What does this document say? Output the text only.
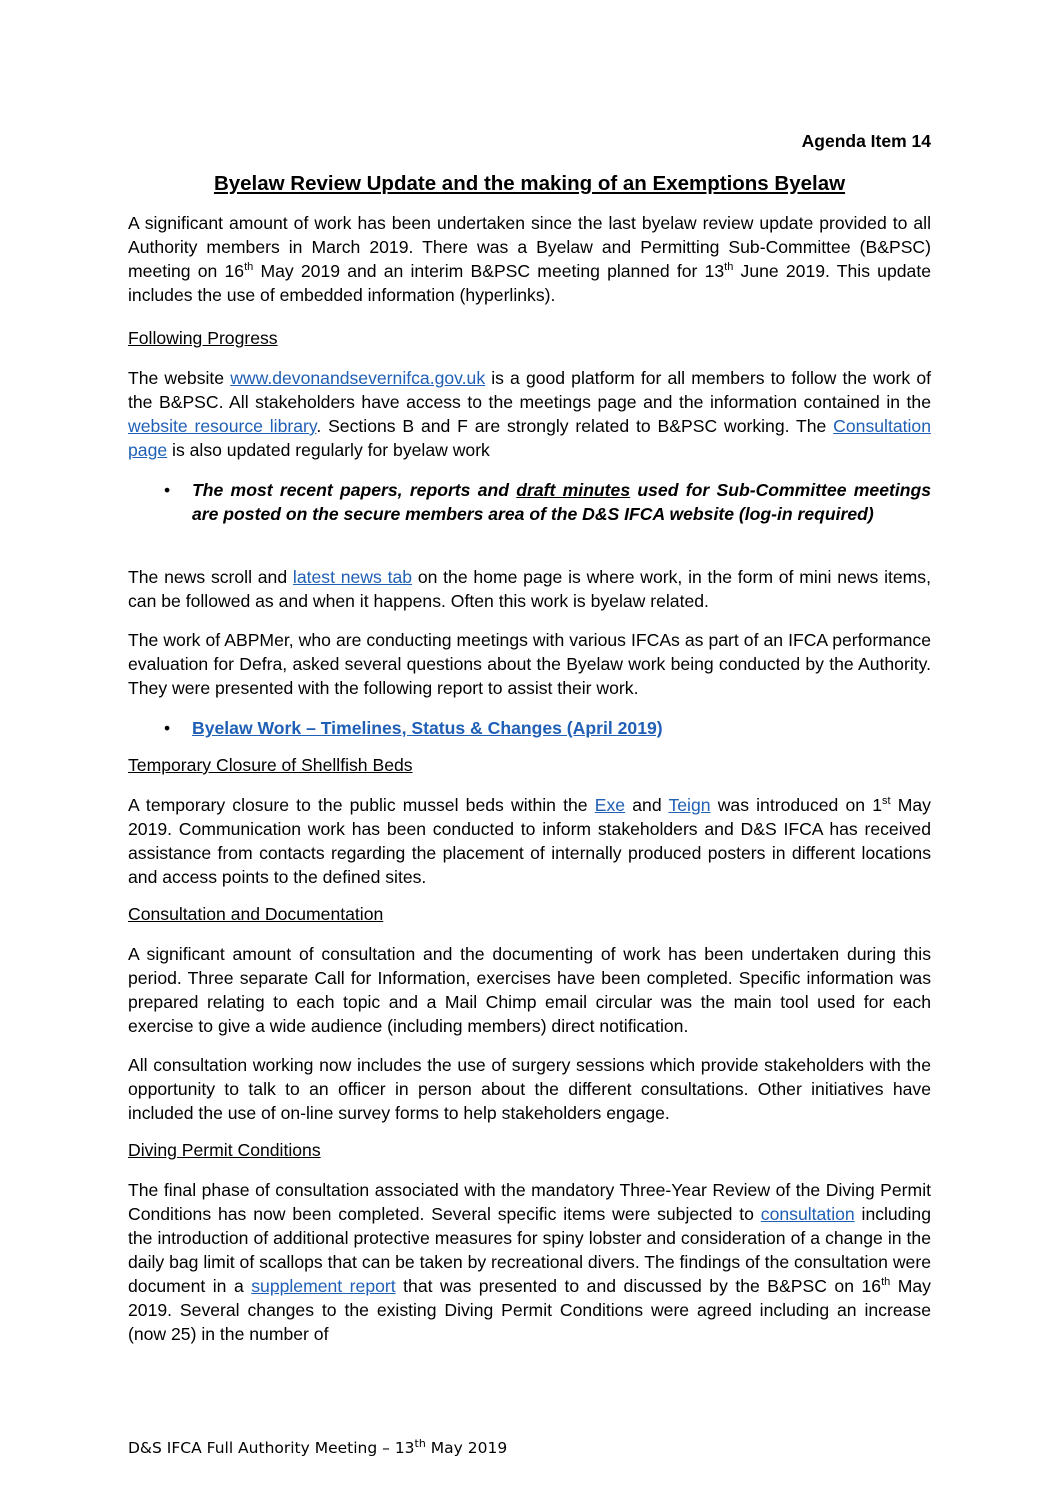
Agenda Item 14
Byelaw Review Update and the making of an Exemptions Byelaw
A significant amount of work has been undertaken since the last byelaw review update provided to all Authority members in March 2019. There was a Byelaw and Permitting Sub-Committee (B&PSC) meeting on 16th May 2019 and an interim B&PSC meeting planned for 13th June 2019. This update includes the use of embedded information (hyperlinks).
Following Progress
The website www.devonandsevernifca.gov.uk is a good platform for all members to follow the work of the B&PSC. All stakeholders have access to the meetings page and the information contained in the website resource library. Sections B and F are strongly related to B&PSC working. The Consultation page is also updated regularly for byelaw work
• The most recent papers, reports and draft minutes used for Sub-Committee meetings are posted on the secure members area of the D&S IFCA website (log-in required)
The news scroll and latest news tab on the home page is where work, in the form of mini news items, can be followed as and when it happens. Often this work is byelaw related.
The work of ABPMer, who are conducting meetings with various IFCAs as part of an IFCA performance evaluation for Defra, asked several questions about the Byelaw work being conducted by the Authority. They were presented with the following report to assist their work.
• Byelaw Work – Timelines, Status & Changes (April 2019)
Temporary Closure of Shellfish Beds
A temporary closure to the public mussel beds within the Exe and Teign was introduced on 1st May 2019. Communication work has been conducted to inform stakeholders and D&S IFCA has received assistance from contacts regarding the placement of internally produced posters in different locations and access points to the defined sites.
Consultation and Documentation
A significant amount of consultation and the documenting of work has been undertaken during this period. Three separate Call for Information, exercises have been completed. Specific information was prepared relating to each topic and a Mail Chimp email circular was the main tool used for each exercise to give a wide audience (including members) direct notification.
All consultation working now includes the use of surgery sessions which provide stakeholders with the opportunity to talk to an officer in person about the different consultations. Other initiatives have included the use of on-line survey forms to help stakeholders engage.
Diving Permit Conditions
The final phase of consultation associated with the mandatory Three-Year Review of the Diving Permit Conditions has now been completed. Several specific items were subjected to consultation including the introduction of additional protective measures for spiny lobster and consideration of a change in the daily bag limit of scallops that can be taken by recreational divers. The findings of the consultation were document in a supplement report that was presented to and discussed by the B&PSC on 16th May 2019. Several changes to the existing Diving Permit Conditions were agreed including an increase (now 25) in the number of
D&S IFCA Full Authority Meeting – 13th May 2019
